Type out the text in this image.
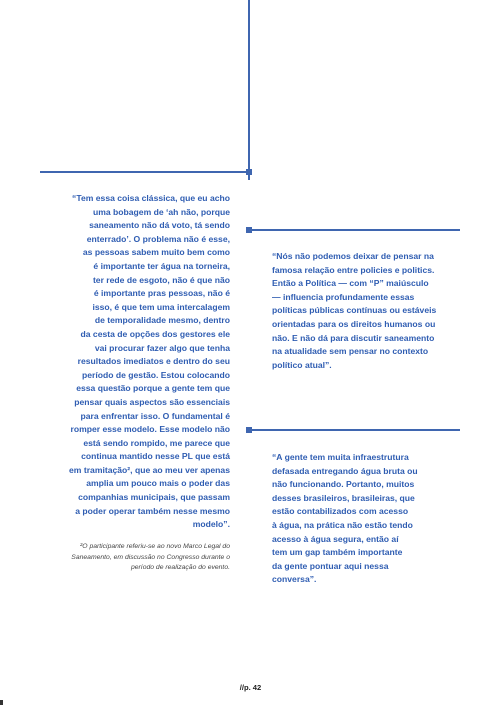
“Tem essa coisa clássica, que eu acho
uma bobagem de ‘ah não, porque
saneamento não dá voto, tá sendo
enterrado’. O problema não é esse,
as pessoas sabem muito bem como
é importante ter água na torneira,
ter rede de esgoto, não é que não
é importante pras pessoas, não é
isso, é que tem uma intercalagem
de temporalidade mesmo, dentro
da cesta de opções dos gestores ele
vai procurar fazer algo que tenha
resultados imediatos e dentro do seu
período de gestão. Estou colocando
essa questão porque a gente tem que
pensar quais aspectos são essenciais
para enfrentar isso. O fundamental é
romper esse modelo. Esse modelo não
está sendo rompido, me parece que
continua mantido nesse PL que está
em tramitação², que ao meu ver apenas
amplia um pouco mais o poder das
companhias municipais, que passam
a poder operar também nesse mesmo
modelo”.
“Nós não podemos deixar de pensar na
famosa relação entre policies e politics.
Então a Política — com “P” maiúsculo
— influencia profundamente essas
políticas públicas contínuas ou estáveis
orientadas para os direitos humanos ou
não. E não dá para discutir saneamento
na atualidade sem pensar no contexto
político atual”.
“A gente tem muita infraestrutura
defasada entregando água bruta ou
não funcionando. Portanto, muitos
desses brasileiros, brasileiras, que
estão contabilizados com acesso
à água, na prática não estão tendo
acesso à água segura, então aí
tem um gap também importante
da gente pontuar aqui nessa
conversa”.
²O participante referiu-se ao novo Marco Legal do
Saneamento, em discussão no Congresso durante o
período de realização do evento.
//p. 42
